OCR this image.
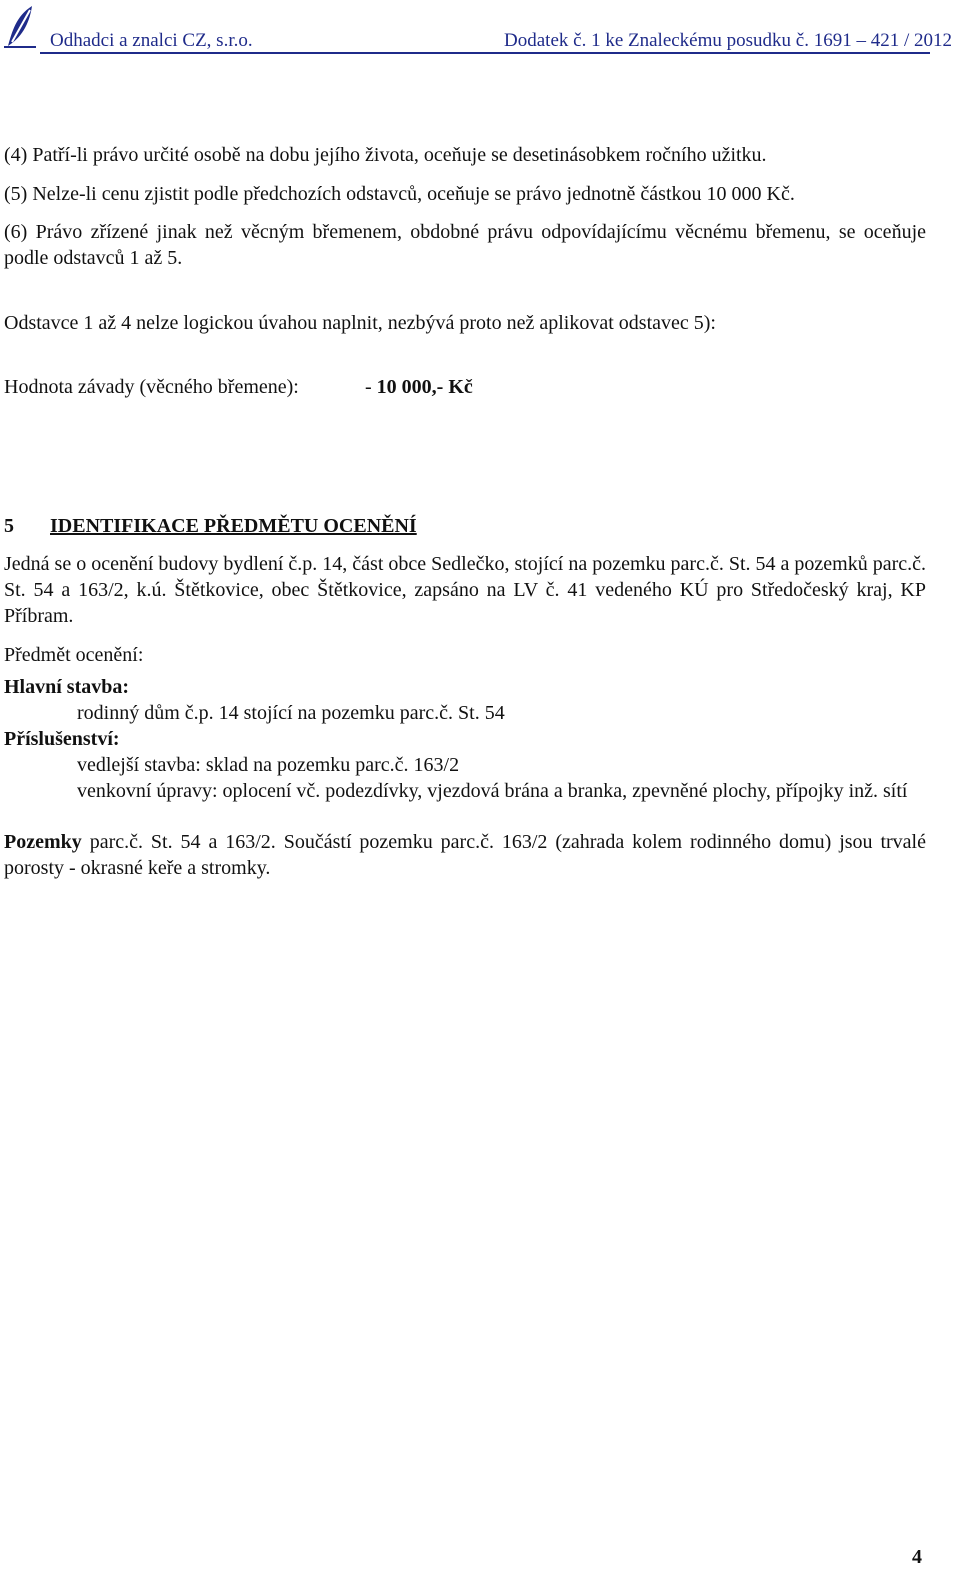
Odhadci a znalci CZ, s.r.o.	Dodatek č. 1 ke Znaleckému posudku č. 1691 – 421 / 2012

(4) Patří-li právo určité osobě na dobu jejího života, oceňuje se desetinásobkem ročního užitku.

(5) Nelze-li cenu zjistit podle předchozích odstavců, oceňuje se právo jednotně částkou 10 000 Kč.

(6) Právo zřízené jinak než věcným břemenem, obdobné právu odpovídajícímu věcnému břemenu, se oceňuje podle odstavců 1 až 5.

Odstavce 1 až 4 nelze logickou úvahou naplnit, nezbývá proto než aplikovat odstavec 5):

Hodnota závady (věcného břemene):	- 10 000,- Kč
5 IDENTIFIKACE PŘEDMĚTU OCENĚNÍ

Jedná se o ocenění budovy bydlení č.p. 14, část obce Sedlečko, stojící na pozemku parc.č. St. 54 a pozemků parc.č. St. 54 a 163/2, k.ú. Štětkovice, obec Štětkovice, zapsáno na LV č. 41 vedeného KÚ pro Středočeský kraj, KP Příbram.

Předmět ocenění:

Hlavní stavba:

rodinný dům č.p. 14 stojící na pozemku parc.č. St. 54

Příslušenství:

vedlejší stavba: sklad na pozemku parc.č. 163/2

venkovní úpravy: oplocení vč. podezdívky, vjezdová brána a branka, zpevněné plochy, přípojky inž. sítí

Pozemky parc.č. St. 54 a 163/2. Součástí pozemku parc.č. 163/2 (zahrada kolem rodinného domu) jsou trvalé porosty - okrasné keře a stromky.

4
